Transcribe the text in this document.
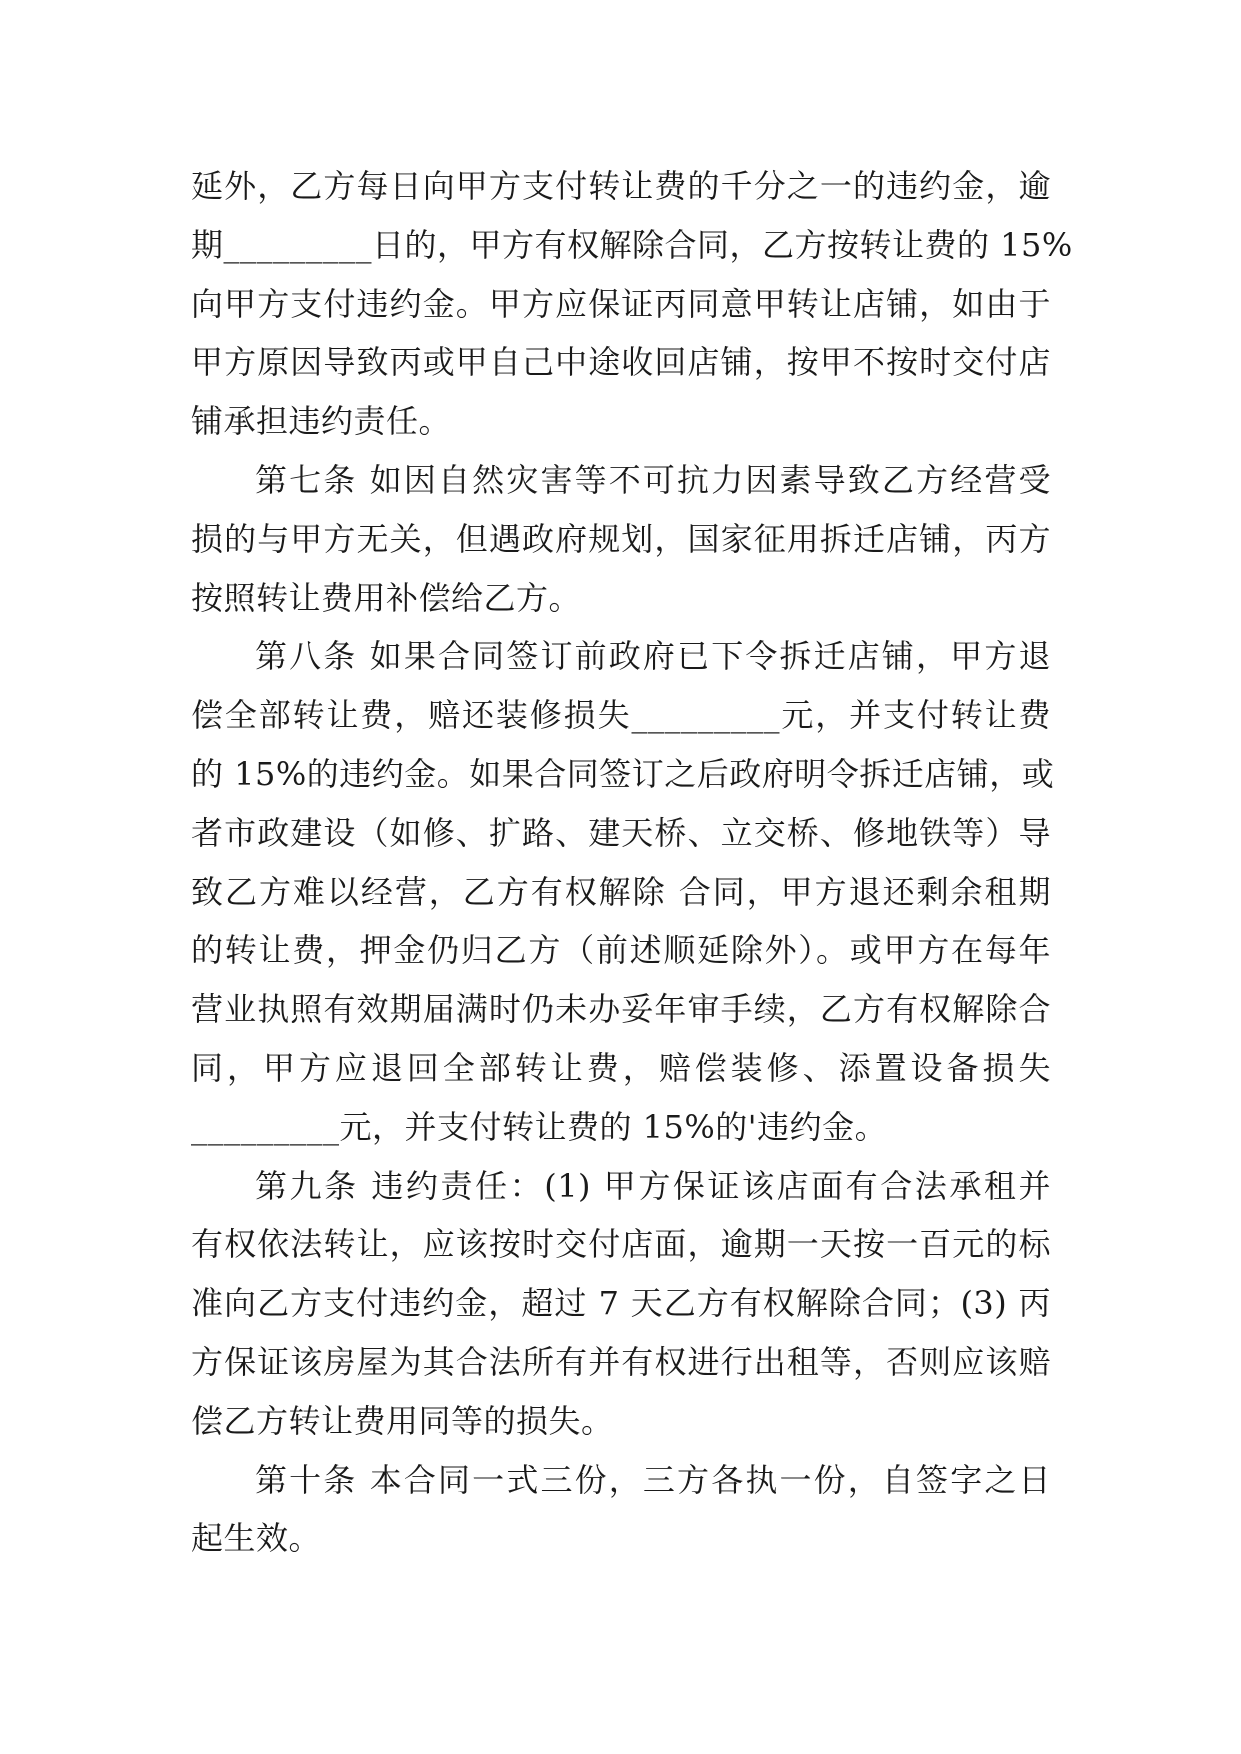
延外，乙方每日向甲方支付转让费的千分之一的违约金，逾
期_________日的，甲方有权解除合同，乙方按转让费的 15%
向甲方支付违约金。甲方应保证丙同意甲转让店铺，如由于
甲方原因导致丙或甲自己中途收回店铺，按甲不按时交付店
铺承担违约责任。
第七条 如因自然灾害等不可抗力因素导致乙方经营受
损的与甲方无关，但遇政府规划，国家征用拆迁店铺，丙方
按照转让费用补偿给乙方。
第八条 如果合同签订前政府已下令拆迁店铺，甲方退
偿全部转让费，赔还装修损失_________元，并支付转让费
的 15%的违约金。如果合同签订之后政府明令拆迁店铺，或
者市政建设（如修、扩路、建天桥、立交桥、修地铁等）导
致乙方难以经营，乙方有权解除 合同，甲方退还剩余租期
的转让费，押金仍归乙方（前述顺延除外）。或甲方在每年
营业执照有效期届满时仍未办妥年审手续，乙方有权解除合
同，甲方应退回全部转让费，赔偿装修、添置设备损失
_________元，并支付转让费的 15%的'违约金。
第九条 违约责任：(1) 甲方保证该店面有合法承租并
有权依法转让，应该按时交付店面，逾期一天按一百元的标
准向乙方支付违约金，超过 7 天乙方有权解除合同；(3) 丙
方保证该房屋为其合法所有并有权进行出租等，否则应该赔
偿乙方转让费用同等的损失。
第十条 本合同一式三份，三方各执一份，自签字之日
起生效。
